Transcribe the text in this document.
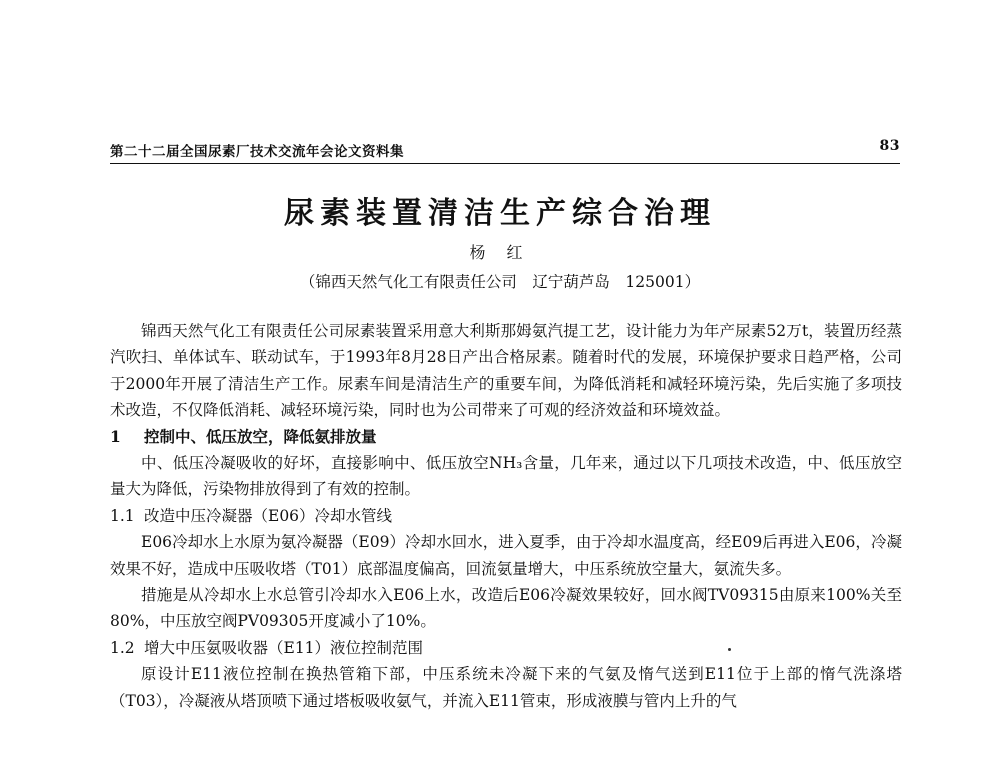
第二十二届全国尿素厂技术交流年会论文资料集	83
尿素装置清洁生产综合治理
杨 红
（锦西天然气化工有限责任公司　辽宁葫芦岛　125001）

锦西天然气化工有限责任公司尿素装置采用意大利斯那姆氨汽提工艺，设计能力为年产尿素52万t，装置历经蒸汽吹扫、单体试车、联动试车，于1993年8月28日产出合格尿素。随着时代的发展，环境保护要求日趋严格，公司于2000年开展了清洁生产工作。尿素车间是清洁生产的重要车间，为降低消耗和减轻环境污染，先后实施了多项技术改造，不仅降低消耗、减轻环境污染，同时也为公司带来了可观的经济效益和环境效益。

1 控制中、低压放空，降低氨排放量

中、低压冷凝吸收的好坏，直接影响中、低压放空NH₃含量，几年来，通过以下几项技术改造，中、低压放空量大为降低，污染物排放得到了有效的控制。

1.1 改造中压冷凝器（E06）冷却水管线

E06冷却水上水原为氨冷凝器（E09）冷却水回水，进入夏季，由于冷却水温度高，经E09后再进入E06，冷凝效果不好，造成中压吸收塔（T01）底部温度偏高，回流氨量增大，中压系统放空量大，氨流失多。

措施是从冷却水上水总管引冷却水入E06上水，改造后E06冷凝效果较好，回水阀TV09315由原来100%关至80%，中压放空阀PV09305开度减小了10%。

1.2 增大中压氨吸收器（E11）液位控制范围

原设计E11液位控制在换热管箱下部，中压系统未冷凝下来的气氨及惰气送到E11位于上部的惰气洗涤塔（T03），冷凝液从塔顶喷下通过塔板吸收氨气，并流入E11管束，形成液膜与管内上升的气
